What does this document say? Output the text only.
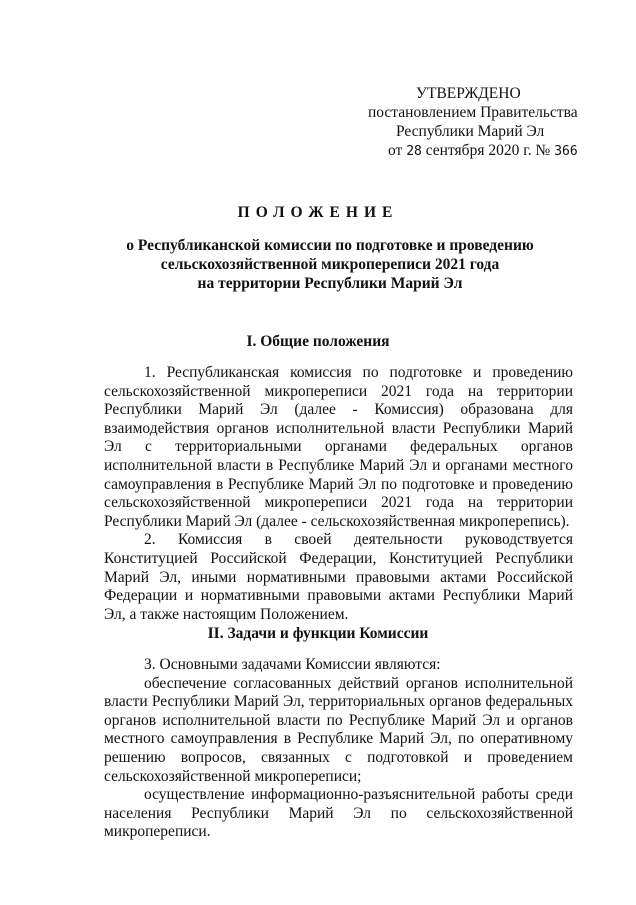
УТВЕРЖДЕНО
постановлением Правительства
Республики Марий Эл
от 28 сентября 2020 г. № 366
ПОЛОЖЕНИЕ
о Республиканской комиссии по подготовке и проведению
сельскохозяйственной микропереписи 2021 года
на территории Республики Марий Эл
I. Общие положения

1. Республиканская комиссия по подготовке и проведению сельскохозяйственной микропереписи 2021 года на территории Республики Марий Эл (далее - Комиссия) образована для взаимодействия органов исполнительной власти Республики Марий Эл с территориальными органами федеральных органов исполнительной власти в Республике Марий Эл и органами местного самоуправления в Республике Марий Эл по подготовке и проведению сельскохозяйственной микропереписи 2021 года на территории Республики Марий Эл (далее - сельскохозяйственная микроперепись).

2. Комиссия в своей деятельности руководствуется Конституцией Российской Федерации, Конституцией Республики Марий Эл, иными нормативными правовыми актами Российской Федерации и нормативными правовыми актами Республики Марий Эл, а также настоящим Положением.

II. Задачи и функции Комиссии

3. Основными задачами Комиссии являются:

обеспечение согласованных действий органов исполнительной власти Республики Марий Эл, территориальных органов федеральных органов исполнительной власти по Республике Марий Эл и органов местного самоуправления в Республике Марий Эл, по оперативному решению вопросов, связанных с подготовкой и проведением сельскохозяйственной микропереписи;

осуществление информационно-разъяснительной работы среди населения Республики Марий Эл по сельскохозяйственной микропереписи.
